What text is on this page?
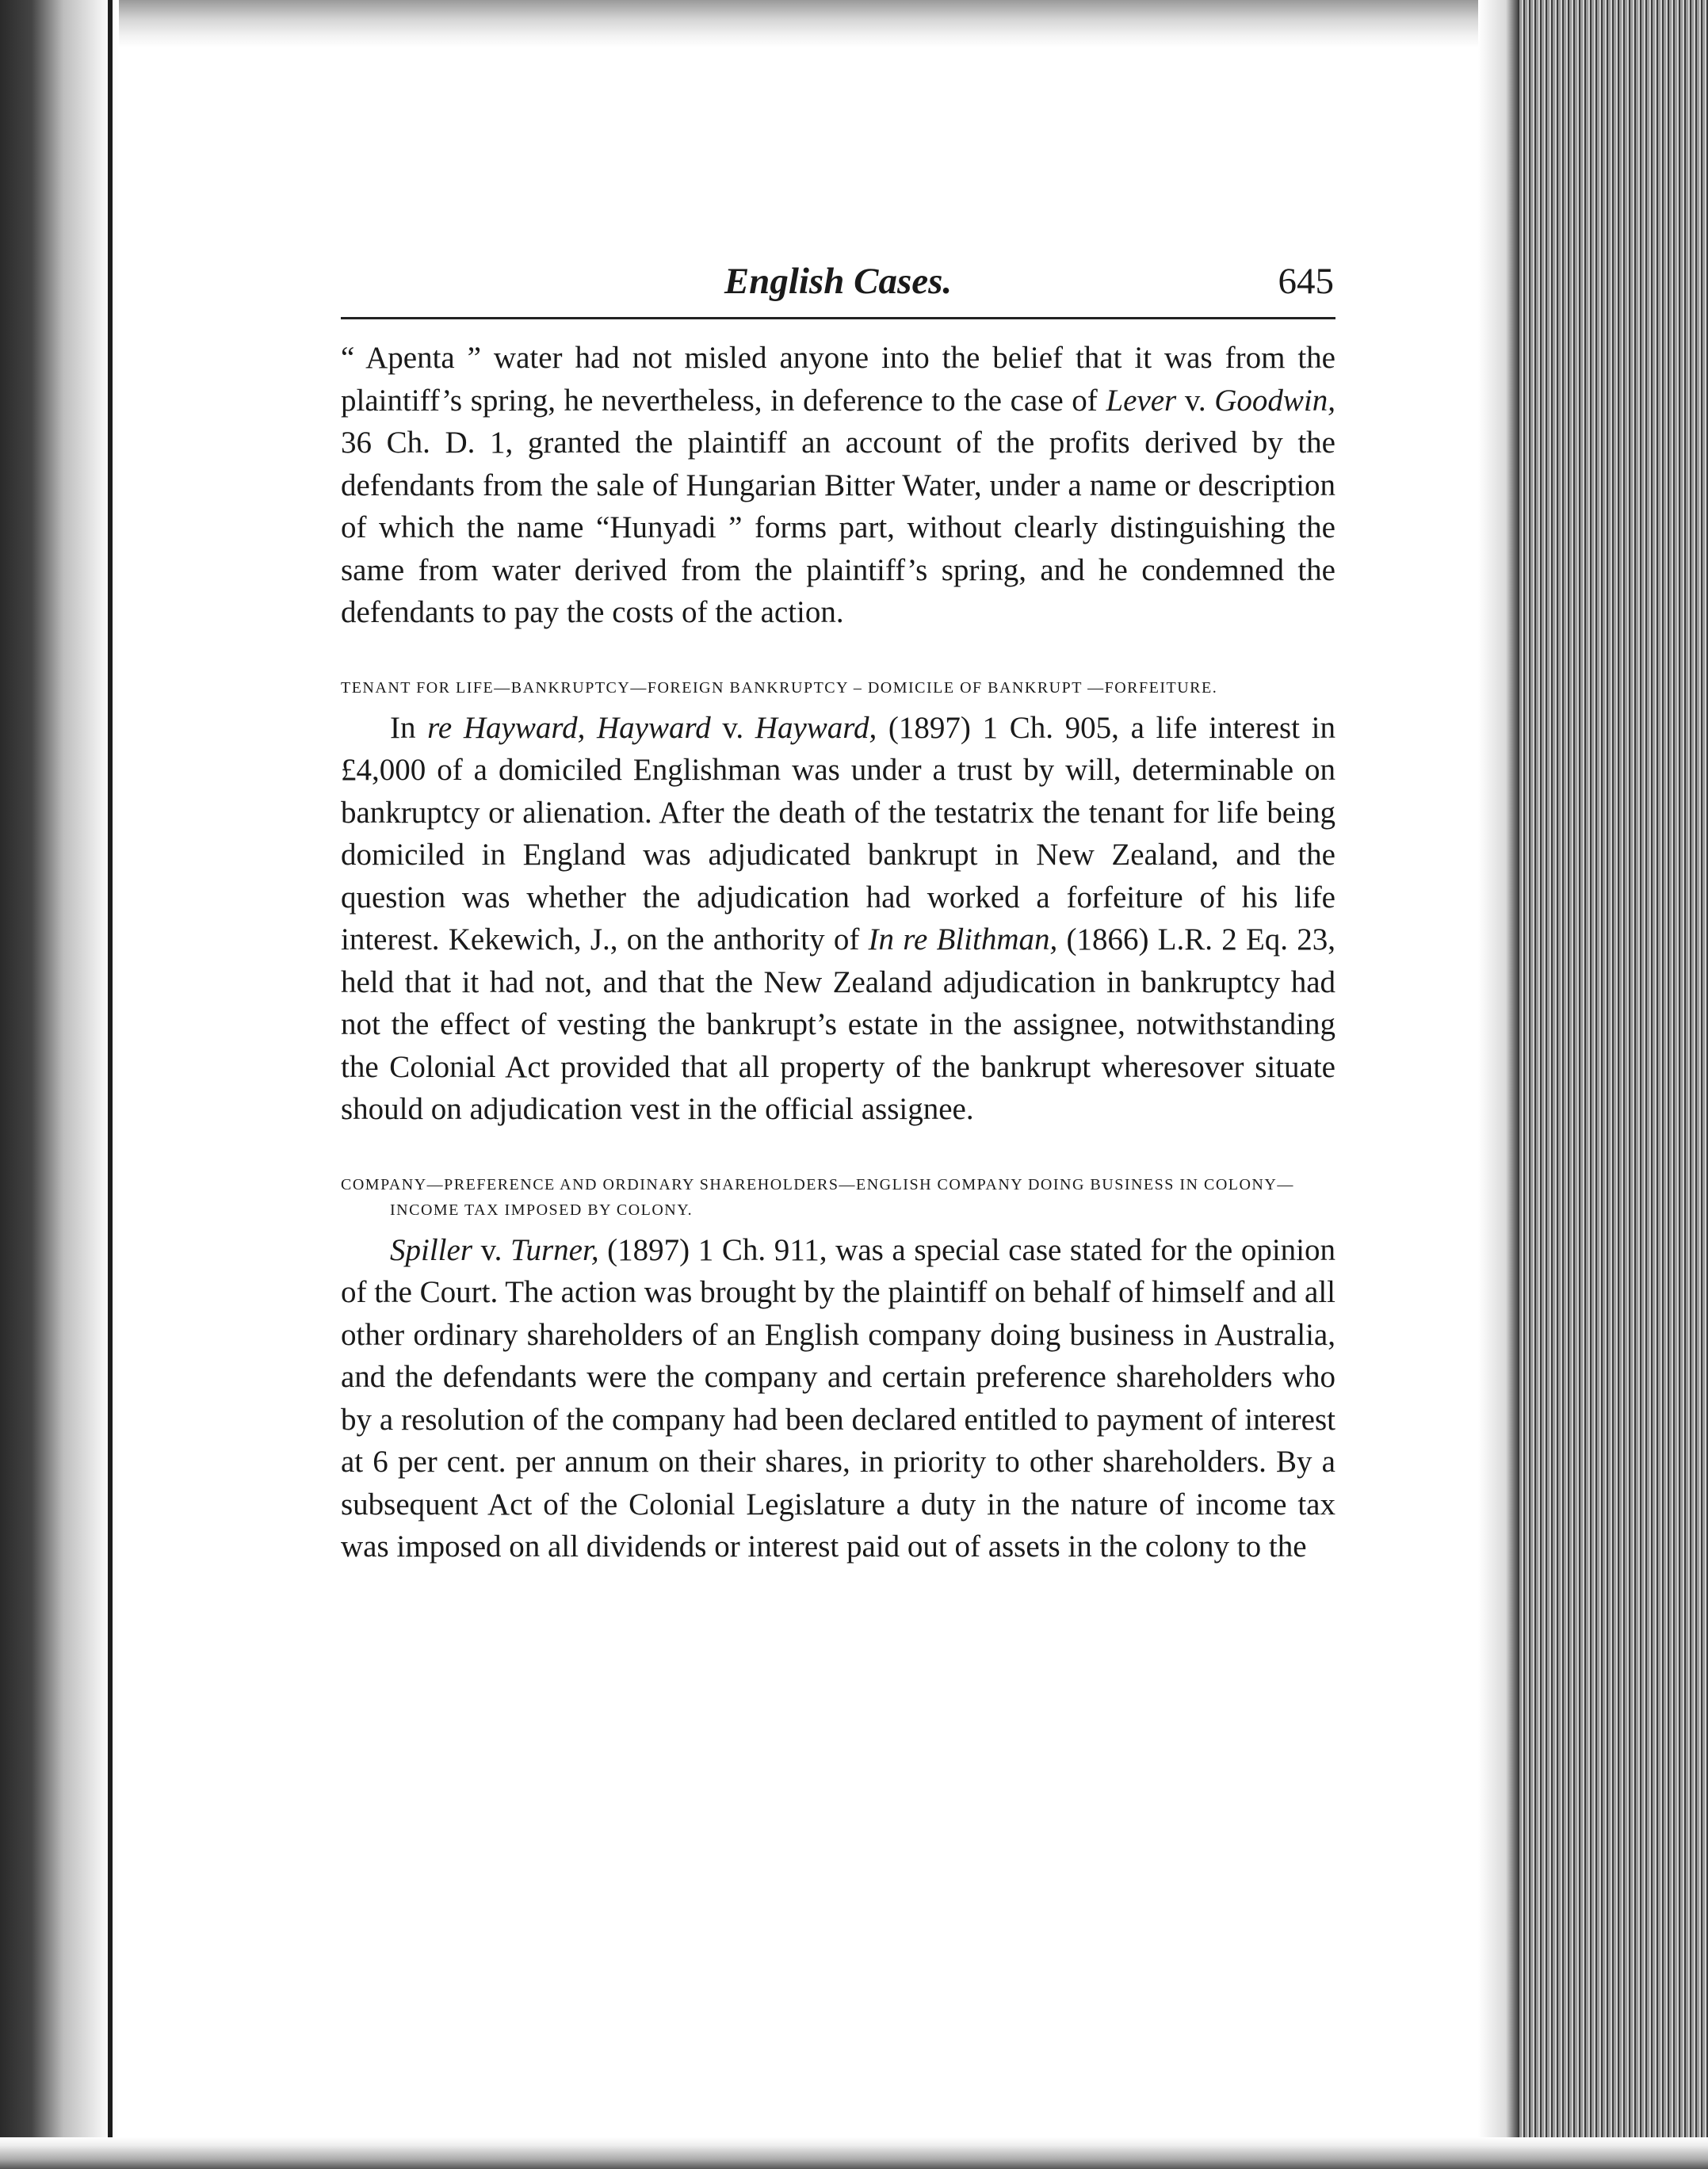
English Cases.	645

“ Apenta ” water had not misled anyone into the belief that it was from the plaintiff’s spring, he nevertheless, in deference to the case of Lever v. Goodwin, 36 Ch. D. 1, granted the plaintiff an account of the profits derived by the defendants from the sale of Hungarian Bitter Water, under a name or description of which the name “Hunyadi ” forms part, without clearly distinguishing the same from water derived from the plaintiff’s spring, and he condemned the defendants to pay the costs of the action.

TENANT FOR LIFE—BANKRUPTCY—FOREIGN BANKRUPTCY – DOMICILE OF BANKRUPT —FORFEITURE.

In re Hayward, Hayward v. Hayward, (1897) 1 Ch. 905, a life interest in £4,000 of a domiciled Englishman was under a trust by will, determinable on bankruptcy or alienation. After the death of the testatrix the tenant for life being domiciled in England was adjudicated bankrupt in New Zealand, and the question was whether the adjudication had worked a forfeiture of his life interest. Kekewich, J., on the anthority of In re Blithman, (1866) L.R. 2 Eq. 23, held that it had not, and that the New Zealand adjudication in bankruptcy had not the effect of vesting the bankrupt’s estate in the assignee, notwithstanding the Colonial Act provided that all property of the bankrupt wheresover situate should on adjudication vest in the official assignee.

COMPANY—PREFERENCE AND ORDINARY SHAREHOLDERS—ENGLISH COMPANY DOING BUSINESS IN COLONY—INCOME TAX IMPOSED BY COLONY.

Spiller v. Turner, (1897) 1 Ch. 911, was a special case stated for the opinion of the Court. The action was brought by the plaintiff on behalf of himself and all other ordinary shareholders of an English company doing business in Australia, and the defendants were the company and certain preference shareholders who by a resolution of the company had been declared entitled to payment of interest at 6 per cent. per annum on their shares, in priority to other shareholders. By a subsequent Act of the Colonial Legislature a duty in the nature of income tax was imposed on all dividends or interest paid out of assets in the colony to the
